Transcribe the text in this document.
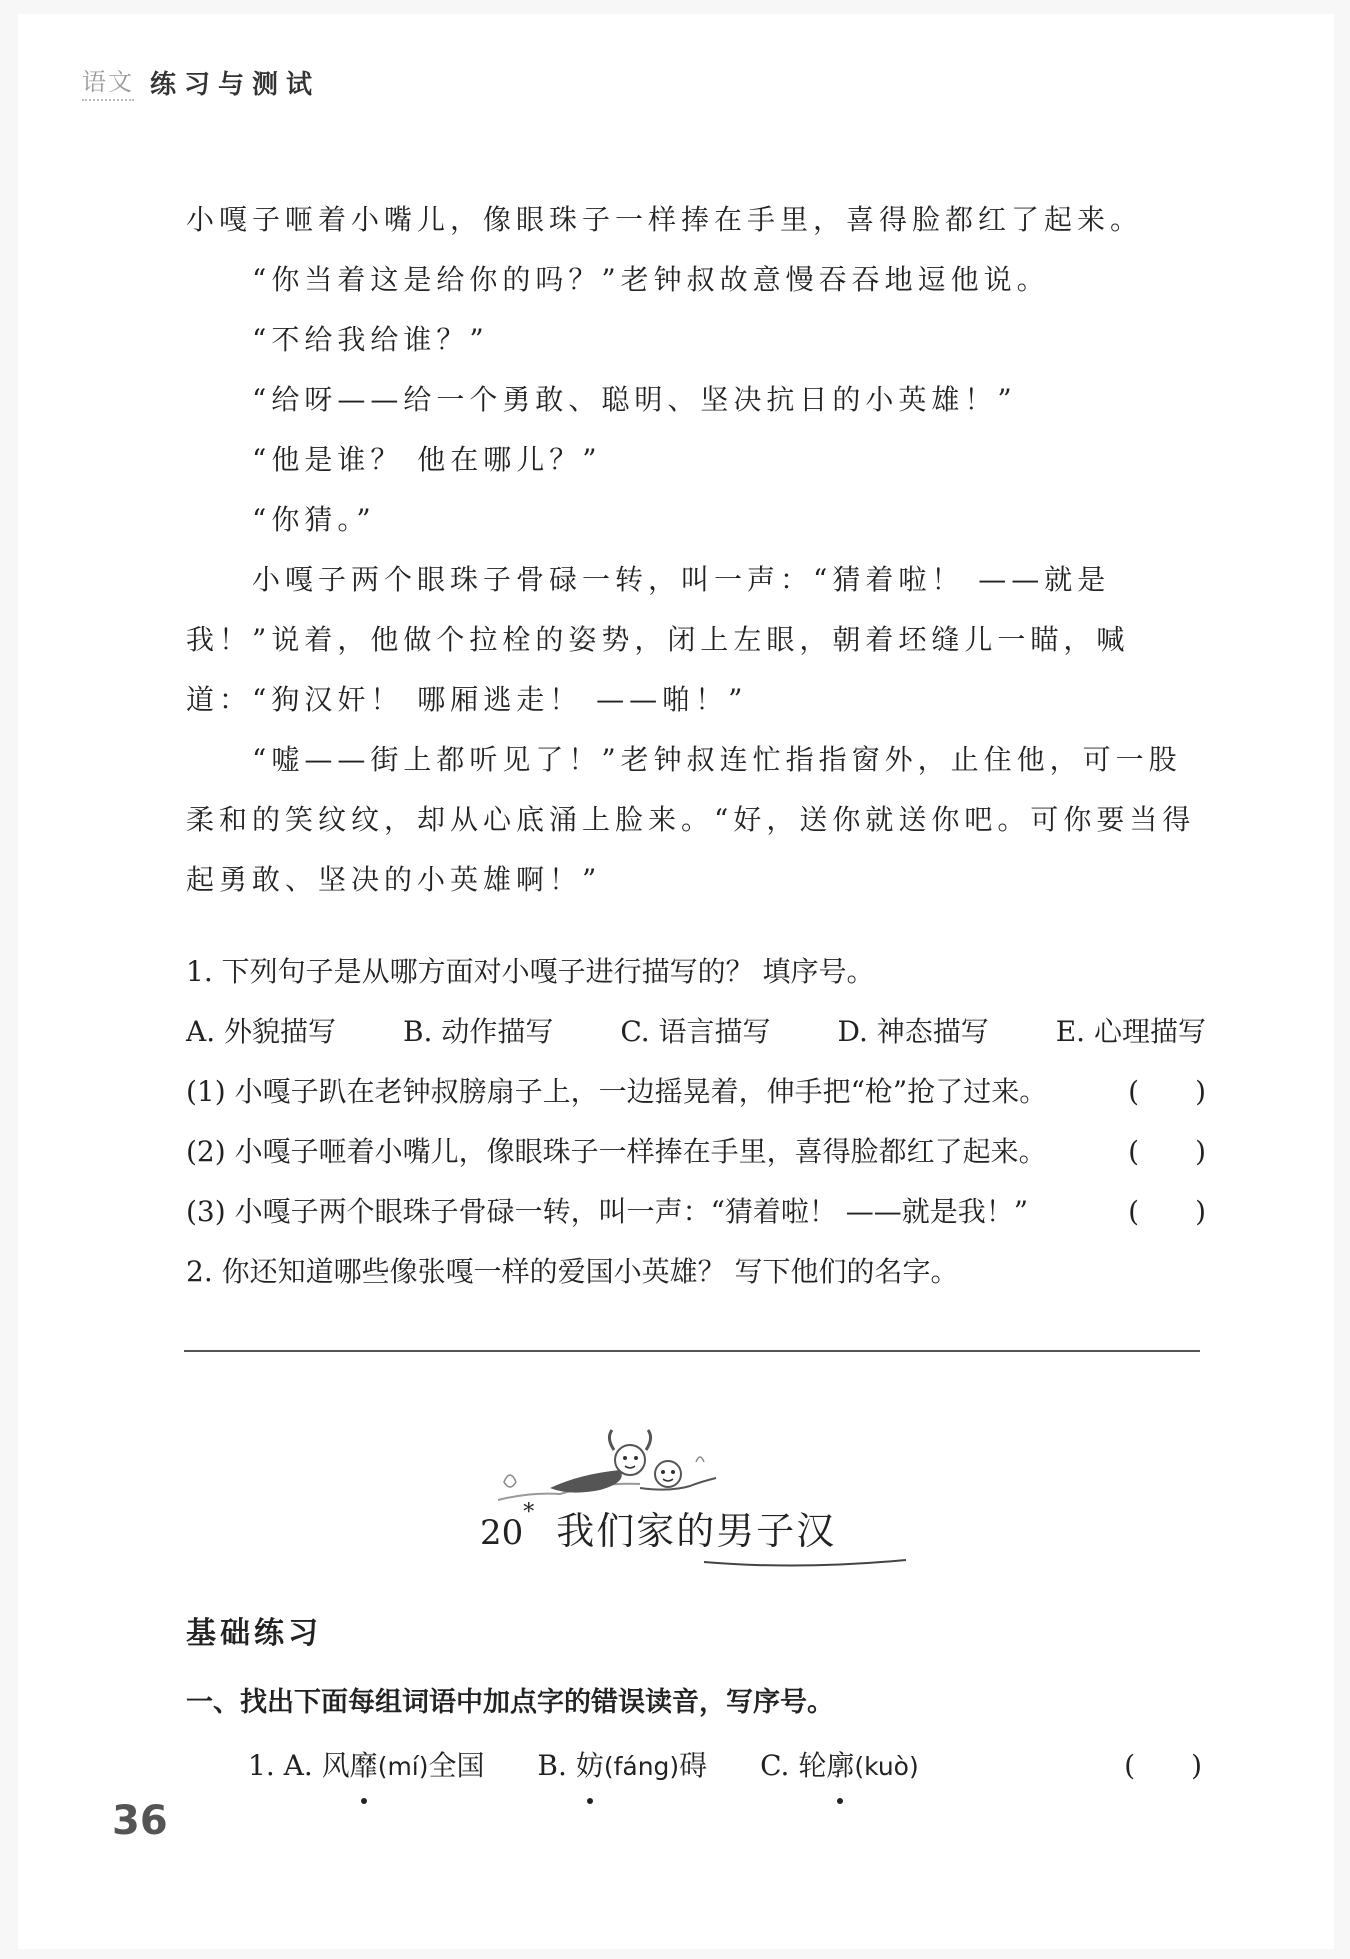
语文 练习与测试

小嘎子咂着小嘴儿，像眼珠子一样捧在手里，喜得脸都红了起来。

“你当着这是给你的吗？”老钟叔故意慢吞吞地逗他说。

“不给我给谁？”

“给呀——给一个勇敢、聪明、坚决抗日的小英雄！”

“他是谁？ 他在哪儿？”

“你猜。”

小嘎子两个眼珠子骨碌一转，叫一声：“猜着啦！ ——就是我！”说着，他做个拉栓的姿势，闭上左眼，朝着坯缝儿一瞄，喊道：“狗汉奸！ 哪厢逃走！ ——啪！”

“嘘——街上都听见了！”老钟叔连忙指指窗外，止住他，可一股柔和的笑纹纹，却从心底涌上脸来。“好，送你就送你吧。可你要当得起勇敢、坚决的小英雄啊！”

1. 下列句子是从哪方面对小嘎子进行描写的？ 填序号。
A. 外貌描写 B. 动作描写 C. 语言描写 D. 神态描写 E. 心理描写
(1) 小嘎子趴在老钟叔膀扇子上，一边摇晃着，伸手把“枪”抢了过来。	(　　)
(2) 小嘎子咂着小嘴儿，像眼珠子一样捧在手里，喜得脸都红了起来。	(　　)
(3) 小嘎子两个眼珠子骨碌一转，叫一声：“猜着啦！ ——就是我！”	(　　)
2. 你还知道哪些像张嘎一样的爱国小英雄？ 写下他们的名字。
20* 我们家的男子汉
基础练习
一、找出下面每组词语中加点字的错误读音，写序号。
1. A. 风靡(mí)全国 B. 妨(fáng)碍 C. 轮廓(kuò)	(　　)
36
